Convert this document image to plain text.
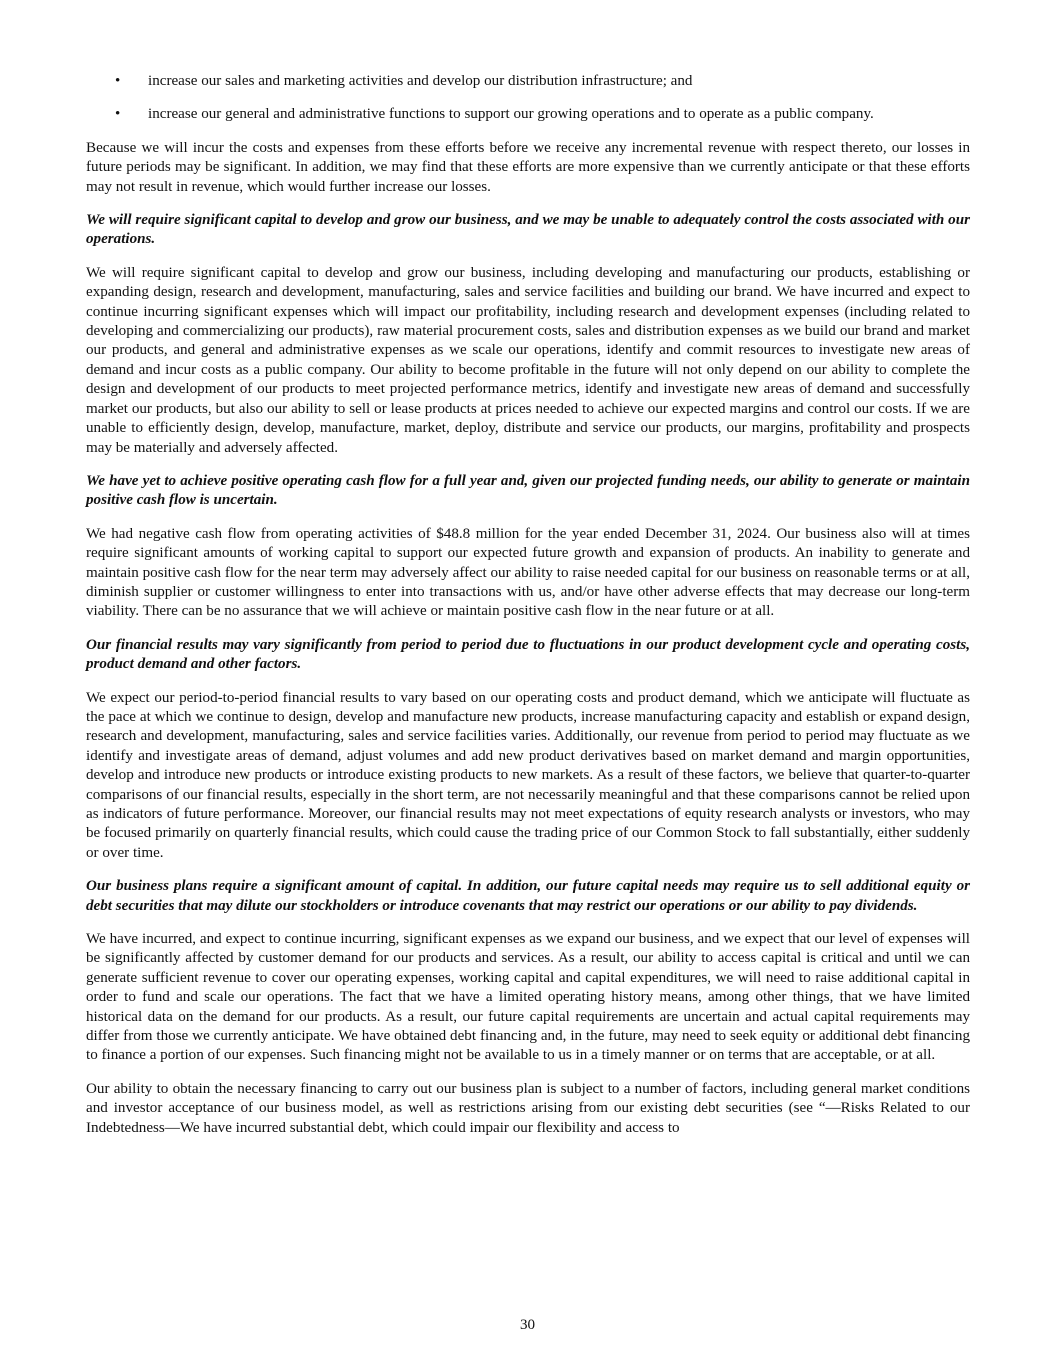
• increase our sales and marketing activities and develop our distribution infrastructure; and
• increase our general and administrative functions to support our growing operations and to operate as a public company.

Because we will incur the costs and expenses from these efforts before we receive any incremental revenue with respect thereto, our losses in future periods may be significant. In addition, we may find that these efforts are more expensive than we currently anticipate or that these efforts may not result in revenue, which would further increase our losses.

We will require significant capital to develop and grow our business, and we may be unable to adequately control the costs associated with our operations.

We will require significant capital to develop and grow our business, including developing and manufacturing our products, establishing or expanding design, research and development, manufacturing, sales and service facilities and building our brand. We have incurred and expect to continue incurring significant expenses which will impact our profitability, including research and development expenses (including related to developing and commercializing our products), raw material procurement costs, sales and distribution expenses as we build our brand and market our products, and general and administrative expenses as we scale our operations, identify and commit resources to investigate new areas of demand and incur costs as a public company. Our ability to become profitable in the future will not only depend on our ability to complete the design and development of our products to meet projected performance metrics, identify and investigate new areas of demand and successfully market our products, but also our ability to sell or lease products at prices needed to achieve our expected margins and control our costs. If we are unable to efficiently design, develop, manufacture, market, deploy, distribute and service our products, our margins, profitability and prospects may be materially and adversely affected.

We have yet to achieve positive operating cash flow for a full year and, given our projected funding needs, our ability to generate or maintain positive cash flow is uncertain.

We had negative cash flow from operating activities of $48.8 million for the year ended December 31, 2024. Our business also will at times require significant amounts of working capital to support our expected future growth and expansion of products. An inability to generate and maintain positive cash flow for the near term may adversely affect our ability to raise needed capital for our business on reasonable terms or at all, diminish supplier or customer willingness to enter into transactions with us, and/or have other adverse effects that may decrease our long-term viability. There can be no assurance that we will achieve or maintain positive cash flow in the near future or at all.

Our financial results may vary significantly from period to period due to fluctuations in our product development cycle and operating costs, product demand and other factors.

We expect our period-to-period financial results to vary based on our operating costs and product demand, which we anticipate will fluctuate as the pace at which we continue to design, develop and manufacture new products, increase manufacturing capacity and establish or expand design, research and development, manufacturing, sales and service facilities varies. Additionally, our revenue from period to period may fluctuate as we identify and investigate areas of demand, adjust volumes and add new product derivatives based on market demand and margin opportunities, develop and introduce new products or introduce existing products to new markets. As a result of these factors, we believe that quarter-to-quarter comparisons of our financial results, especially in the short term, are not necessarily meaningful and that these comparisons cannot be relied upon as indicators of future performance. Moreover, our financial results may not meet expectations of equity research analysts or investors, who may be focused primarily on quarterly financial results, which could cause the trading price of our Common Stock to fall substantially, either suddenly or over time.

Our business plans require a significant amount of capital. In addition, our future capital needs may require us to sell additional equity or debt securities that may dilute our stockholders or introduce covenants that may restrict our operations or our ability to pay dividends.

We have incurred, and expect to continue incurring, significant expenses as we expand our business, and we expect that our level of expenses will be significantly affected by customer demand for our products and services. As a result, our ability to access capital is critical and until we can generate sufficient revenue to cover our operating expenses, working capital and capital expenditures, we will need to raise additional capital in order to fund and scale our operations. The fact that we have a limited operating history means, among other things, that we have limited historical data on the demand for our products. As a result, our future capital requirements are uncertain and actual capital requirements may differ from those we currently anticipate. We have obtained debt financing and, in the future, may need to seek equity or additional debt financing to finance a portion of our expenses. Such financing might not be available to us in a timely manner or on terms that are acceptable, or at all.

Our ability to obtain the necessary financing to carry out our business plan is subject to a number of factors, including general market conditions and investor acceptance of our business model, as well as restrictions arising from our existing debt securities (see “—Risks Related to our Indebtedness—We have incurred substantial debt, which could impair our flexibility and access to

30
